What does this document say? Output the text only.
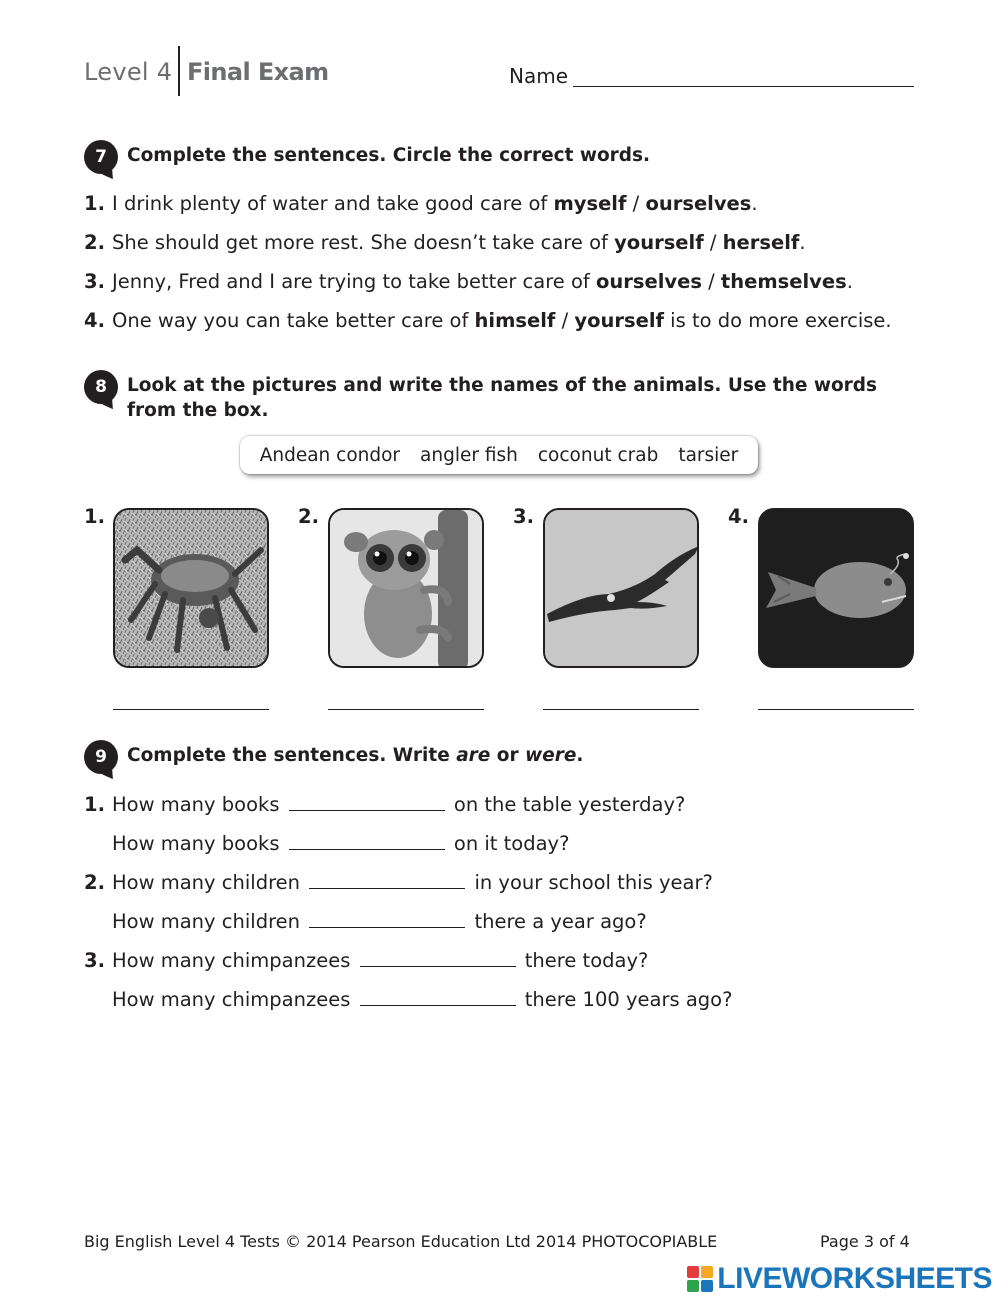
Level 4 Final Exam	Name
7 Complete the sentences. Circle the correct words.
1. I drink plenty of water and take good care of myself / ourselves.
2. She should get more rest. She doesn’t take care of yourself / herself.
3. Jenny, Fred and I are trying to take better care of ourselves / themselves.
4. One way you can take better care of himself / yourself is to do more exercise.
8 Look at the pictures and write the names of the animals. Use the words
from the box.
Andean condor angler fish coconut crab tarsier
1.	2.	3.	4.
9 Complete the sentences. Write are or were.
1. How many books	on the table yesterday?
How many books	on it today?
2. How many children	in your school this year?
How many children	there a year ago?
3. How many chimpanzees	there today?
How many chimpanzees	there 100 years ago?
Big English Level 4 Tests © 2014 Pearson Education Ltd 2014 PHOTOCOPIABLE	Page 3 of 4
LIVEWORKSHEETS
